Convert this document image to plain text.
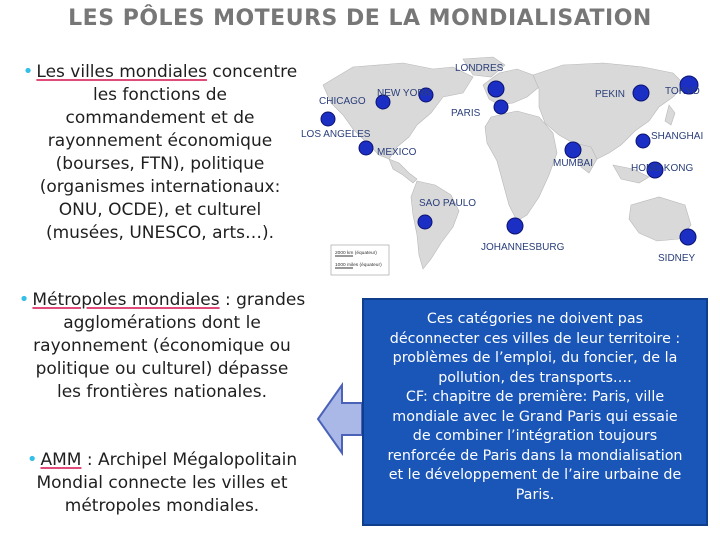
LES PÔLES MOTEURS DE LA MONDIALISATION
• Les villes mondiales concentre
les fonctions de
commandement et de
rayonnement économique
(bourses, FTN), politique
(organismes internationaux:
ONU, OCDE), et culturel
(musées, UNESCO, arts…).
• Métropoles mondiales : grandes
agglomérations dont le
rayonnement (économique ou
politique ou culturel) dépasse
les frontières nationales.
• AMM : Archipel Mégalopolitain
Mondial connecte les villes et
métropoles mondiales.
2000 km (équateur)
1000 miles (équateur)
LONDRES
NEW YORK
CHICAGO
PARIS
LOS ANGELES
MEXICO
PEKIN	TOKYO
SHANGHAI
MUMBAI	HONG KONG
SAO PAULO
JOHANNESBURG
SIDNEY
Ces catégories ne doivent pas
déconnecter ces villes de leur territoire :
problèmes de l’emploi, du foncier, de la
pollution, des transports….
CF: chapitre de première: Paris, ville
mondiale avec le Grand Paris qui essaie
de combiner l’intégration toujours
renforcée de Paris dans la mondialisation
et le développement de l’aire urbaine de
Paris.
